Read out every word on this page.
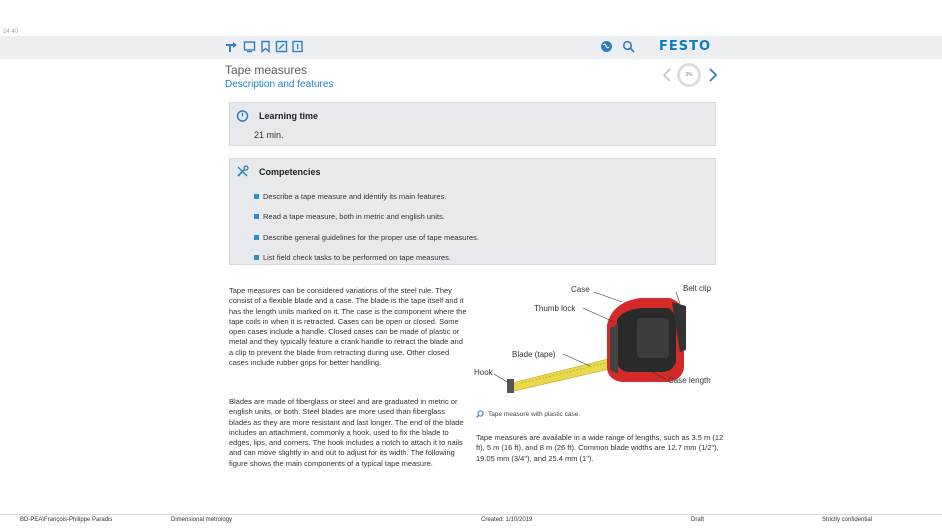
24 40
FESTO
Tape measures
Description and features
3%
Learning time
21 min.
Competencies
Describe a tape measure and identify its main features.
Read a tape measure, both in metric and english units.
Describe general guidelines for the proper use of tape measures.
List field check tasks to be performed on tape measures.
Tape measures can be considered variations of the steel rule. They consist of a flexible blade and a case. The blade is the tape itself and it has the length units marked on it. The case is the component where the tape coils in when it is retracted. Cases can be open or closed. Some open cases include a handle. Closed cases can be made of plastic or metal and they typically feature a crank handle to retract the blade and a clip to prevent the blade from retracting during use. Other closed cases include rubber grips for better handling.
Blades are made of fiberglass or steel and are graduated in metric or english units, or both. Steel blades are more used than fiberglass blades as they are more resistant and last longer. The end of the blade includes an attachment, commonly a hook, used to fix the blade to edges, lips, and corners. The hook includes a notch to attach it to nails and can move slightly in and out to adjust for its width. The following figure shows the main components of a typical tape measure.
Case	Belt clip
Thumb lock
Blade (tape)
Hook
Case length
Tape measure with plastic case.
Tape measures are available in a wide range of lengths, such as 3.5 m (12 ft), 5 m (16 ft), and 8 m (26 ft). Common blade widths are 12.7 mm (1/2"), 19.05 mm (3/4"), and 25.4 mm (1").
BD-PEA\François-Philippe Paradis	Dimensional metrology	Created: 1/10/2019	Draft	Strictly confidential
